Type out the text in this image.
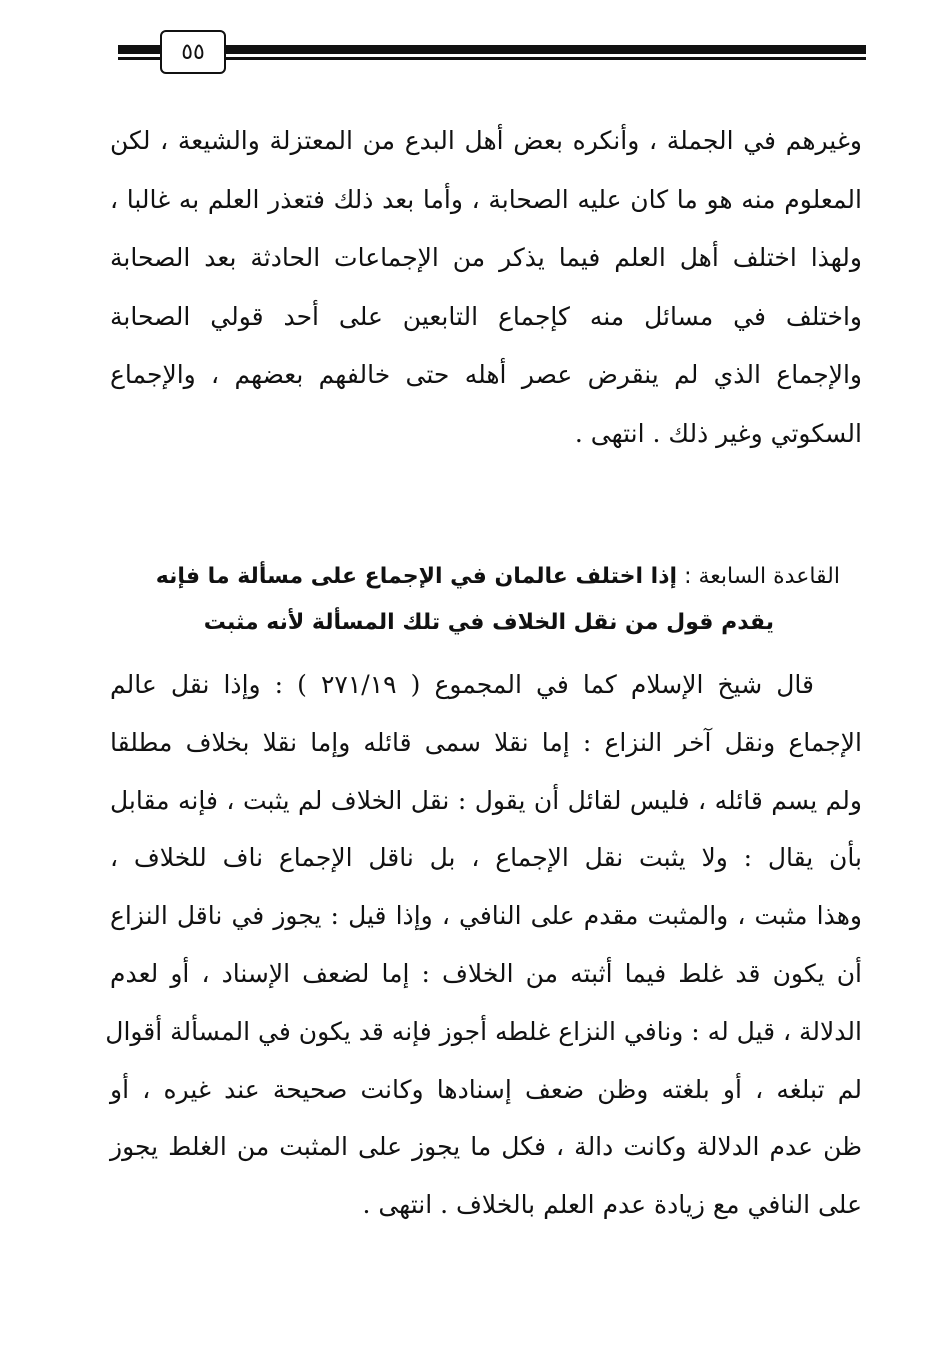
٥٥
وغيرهم في الجملة ، وأنكره بعض أهل البدع من المعتزلة والشيعة ، لكن
المعلوم منه هو ما كان عليه الصحابة ، وأما بعد ذلك فتعذر العلم به غالبا ،
ولهذا اختلف أهل العلم فيما يذكر من الإجماعات الحادثة بعد الصحابة
واختلف في مسائل منه كإجماع التابعين على أحد قولي الصحابة
والإجماع الذي لم ينقرض عصر أهله حتى خالفهم بعضهم ، والإجماع
السكوتي وغير ذلك . انتهى .
القاعدة السابعة : إذا اختلف عالمان في الإجماع على مسألة ما فإنه
يقدم قول من نقل الخلاف في تلك المسألة لأنه مثبت
قال شيخ الإسلام كما في المجموع ( ٢٧١/١٩ ) : وإذا نقل عالم
الإجماع ونقل آخر النزاع : إما نقلا سمى قائله وإما نقلا بخلاف مطلقا
ولم يسم قائله ، فليس لقائل أن يقول : نقل الخلاف لم يثبت ، فإنه مقابل
بأن يقال : ولا يثبت نقل الإجماع ، بل ناقل الإجماع ناف للخلاف ،
وهذا مثبت ، والمثبت مقدم على النافي ، وإذا قيل : يجوز في ناقل النزاع
أن يكون قد غلط فيما أثبته من الخلاف : إما لضعف الإسناد ، أو لعدم
الدلالة ، قيل له : ونافي النزاع غلطه أجوز فإنه قد يكون في المسألة أقوال
لم تبلغه ، أو بلغته وظن ضعف إسنادها وكانت صحيحة عند غيره ، أو
ظن عدم الدلالة وكانت دالة ، فكل ما يجوز على المثبت من الغلط يجوز
على النافي مع زيادة عدم العلم بالخلاف . انتهى .
